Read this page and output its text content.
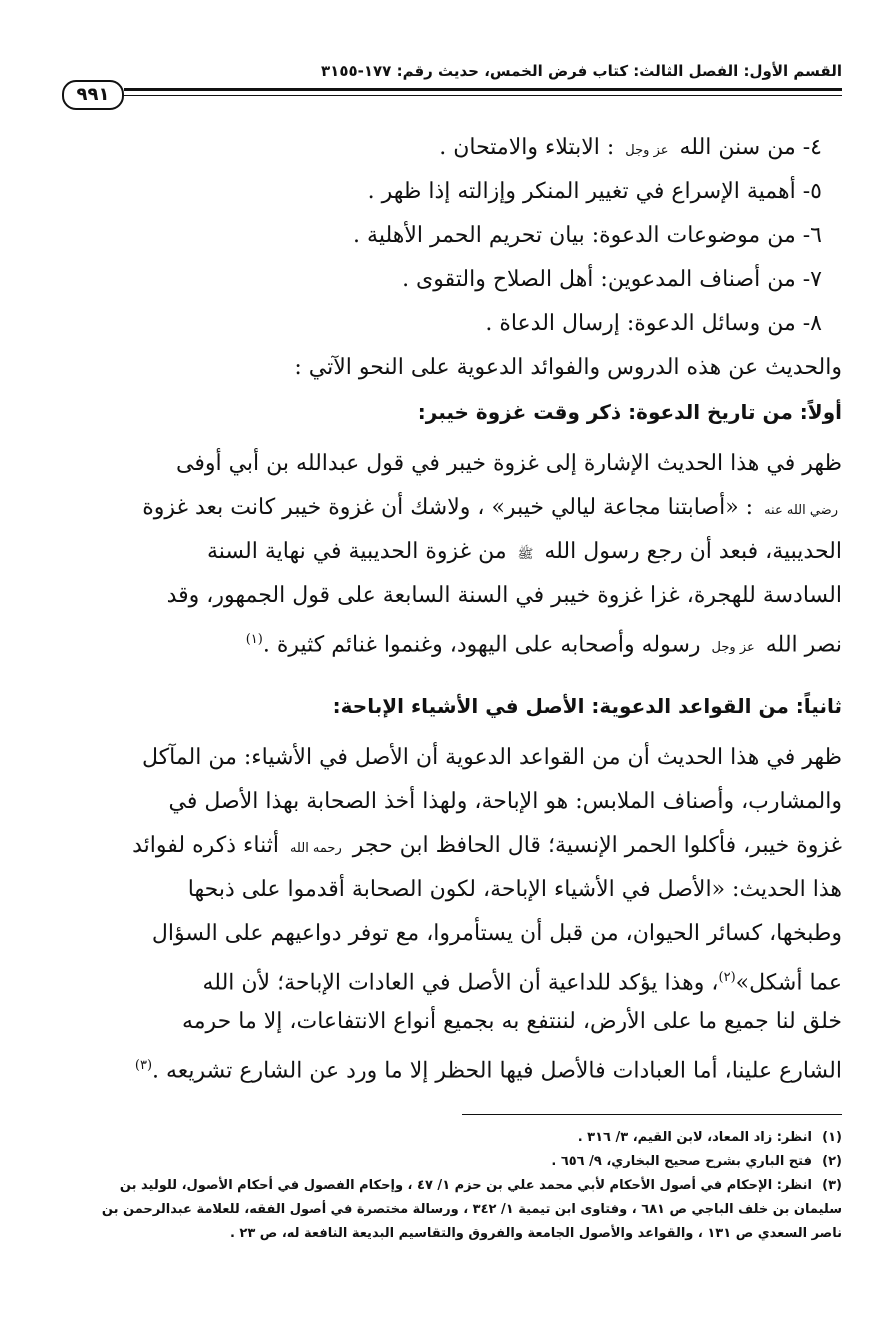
القسم الأول: الفصل الثالث: كتاب فرض الخمس، حديث رقم: ١٧٧-٣١٥٥
٩٩١
٤- من سنن الله عز وجل : الابتلاء والامتحان .
٥- أهمية الإسراع في تغيير المنكر وإزالته إذا ظهر .
٦- من موضوعات الدعوة: بيان تحريم الحمر الأهلية .
٧- من أصناف المدعوين: أهل الصلاح والتقوى .
٨- من وسائل الدعوة: إرسال الدعاة .
والحديث عن هذه الدروس والفوائد الدعوية على النحو الآتي :
أولاً: من تاريخ الدعوة: ذكر وقت غزوة خيبر:
ظهر في هذا الحديث الإشارة إلى غزوة خيبر في قول عبدالله بن أبي أوفى
رضي الله عنه : «أصابتنا مجاعة ليالي خيبر» ، ولاشك أن غزوة خيبر كانت بعد غزوة
الحديبية، فبعد أن رجع رسول الله ﷺ من غزوة الحديبية في نهاية السنة
السادسة للهجرة، غزا غزوة خيبر في السنة السابعة على قول الجمهور، وقد
نصر الله عز وجل رسوله وأصحابه على اليهود، وغنموا غنائم كثيرة .$^{(١)}$
ثانياً: من القواعد الدعوية: الأصل في الأشياء الإباحة:
ظهر في هذا الحديث أن من القواعد الدعوية أن الأصل في الأشياء: من المآكل
والمشارب، وأصناف الملابس: هو الإباحة، ولهذا أخذ الصحابة بهذا الأصل في
غزوة خيبر، فأكلوا الحمر الإنسية؛ قال الحافظ ابن حجر رحمه الله أثناء ذكره لفوائد
هذا الحديث: «الأصل في الأشياء الإباحة، لكون الصحابة أقدموا على ذبحها
وطبخها، كسائر الحيوان، من قبل أن يستأمروا، مع توفر دواعيهم على السؤال
عما أشكل»$^{(٢)}$، وهذا يؤكد للداعية أن الأصل في العادات الإباحة؛ لأن الله
خلق لنا جميع ما على الأرض، لننتفع به بجميع أنواع الانتفاعات، إلا ما حرمه
الشارع علينا، أما العبادات فالأصل فيها الحظر إلا ما ورد عن الشارع تشريعه .$^{(٣)}$
(١)انظر: زاد المعاد، لابن القيم، ٣/ ٣١٦ .
(٢)فتح الباري بشرح صحيح البخاري، ٩/ ٦٥٦ .
(٣)انظر: الإحكام في أصول الأحكام لأبي محمد علي بن حزم ١/ ٤٧ ، وإحكام الفصول في أحكام الأصول، للوليد بن
سليمان بن خلف الباجي ص ٦٨١ ، وفتاوى ابن تيمية ١/ ٣٤٢ ، ورسالة مختصرة في أصول الفقه، للعلامة عبدالرحمن بن
ناصر السعدي ص ١٣١ ، والقواعد والأصول الجامعة والفروق والتقاسيم البديعة النافعة له، ص ٢٣ .
